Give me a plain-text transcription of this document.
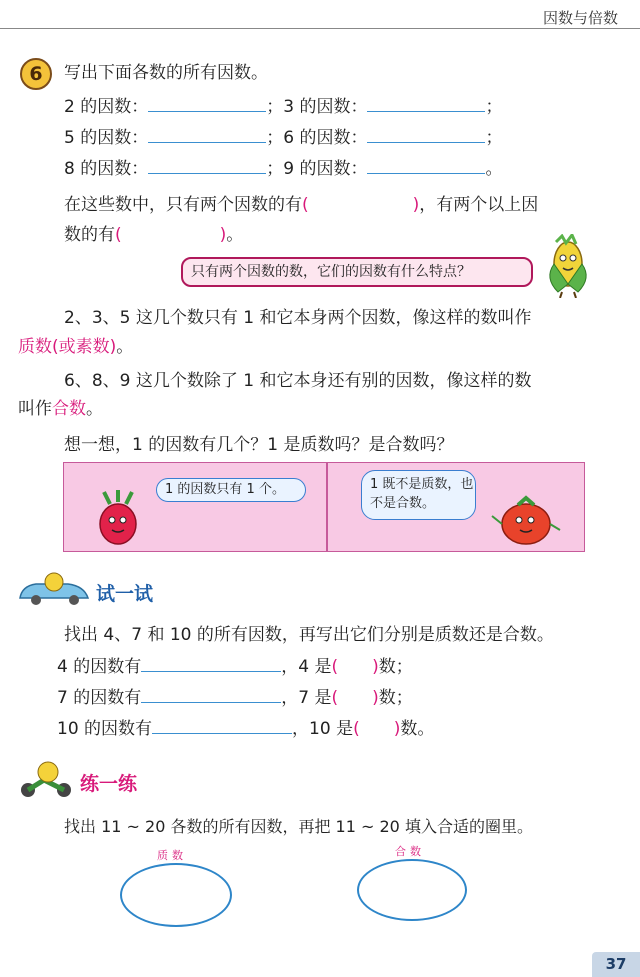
因数与倍数
6	写出下面各数的所有因数。
2 的因数：	；3 的因数：	；
5 的因数：	；6 的因数：	；
8 的因数：	；9 的因数：	。
在这些数中，只有两个因数的有(	)，有两个以上因
数的有(	)。
只有两个因数的数，它们的因数有什么特点？
2、3、5 这几个数只有 1 和它本身两个因数，像这样的数叫作
质数(或素数)。
6、8、9 这几个数除了 1 和它本身还有别的因数，像这样的数
叫作合数。
想一想，1 的因数有几个？1 是质数吗？是合数吗？
1 的因数只有 1 个。	1 既不是质数，也不是合数。
试一试
找出 4、7 和 10 的所有因数，再写出它们分别是质数还是合数。
4 的因数有	，4 是( )数；
7 的因数有	，7 是( )数；
10 的因数有	，10 是( )数。
练一练
找出 11 ~ 20 各数的所有因数，再把 11 ~ 20 填入合适的圈里。
质数	合数
37
